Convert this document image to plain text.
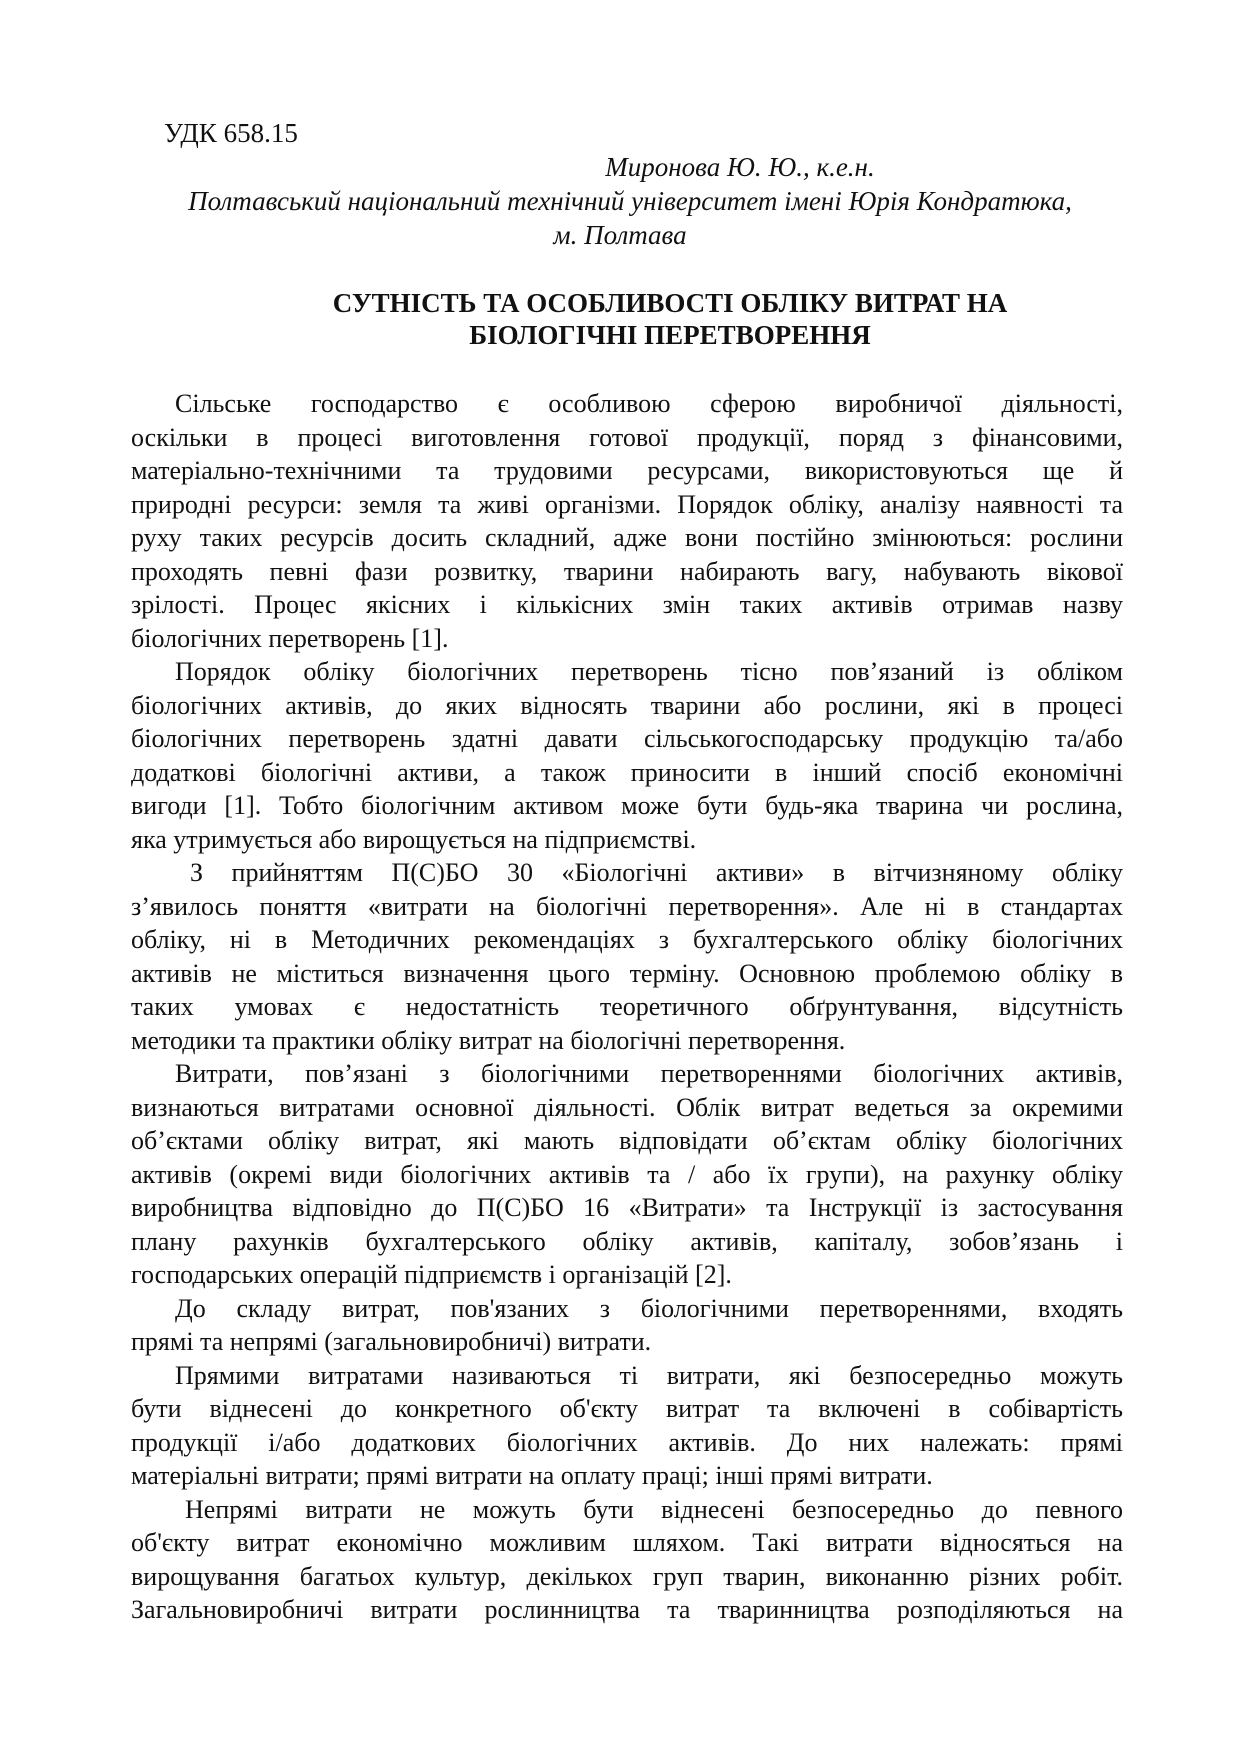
УДК 658.15
Миронова Ю. Ю., к.е.н.
Полтавський національний технічний університет імені Юрія Кондратюка,
м. Полтава
СУТНІСТЬ ТА ОСОБЛИВОСТІ ОБЛІКУ ВИТРАТ НА
БІОЛОГІЧНІ ПЕРЕТВОРЕННЯ
Сільське господарство є особливою сферою виробничої діяльності,
оскільки в процесі виготовлення готової продукції, поряд з фінансовими,
матеріально-технічними та трудовими ресурсами, використовуються ще й
природні ресурси: земля та живі організми. Порядок обліку, аналізу наявності та
руху таких ресурсів досить складний, адже вони постійно змінюються: рослини
проходять певні фази розвитку, тварини набирають вагу, набувають вікової
зрілості. Процес якісних і кількісних змін таких активів отримав назву
біологічних перетворень [1].
Порядок обліку біологічних перетворень тісно пов’язаний із обліком
біологічних активів, до яких відносять тварини або рослини, які в процесі
біологічних перетворень здатні давати сільськогосподарську продукцію та/або
додаткові біологічні активи, а також приносити в інший спосіб економічні
вигоди [1]. Тобто біологічним активом може бути будь-яка тварина чи рослина,
яка утримується або вирощується на підприємстві.
З прийняттям П(С)БО 30 «Біологічні активи» в вітчизняному обліку
з’явилось поняття «витрати на біологічні перетворення». Але ні в стандартах
обліку, ні в Методичних рекомендаціях з бухгалтерського обліку біологічних
активів не міститься визначення цього терміну. Основною проблемою обліку в
таких умовах є недостатність теоретичного обґрунтування, відсутність
методики та практики обліку витрат на біологічні перетворення.
Витрати, пов’язані з біологічними перетвореннями біологічних активів,
визнаються витратами основної діяльності. Облік витрат ведеться за окремими
об’єктами обліку витрат, які мають відповідати об’єктам обліку біологічних
активів (окремі види біологічних активів та / або їх групи), на рахунку обліку
виробництва відповідно до П(С)БО 16 «Витрати» та Інструкції із застосування
плану рахунків бухгалтерського обліку активів, капіталу, зобов’язань і
господарських операцій підприємств і організацій [2].
До складу витрат, пов'язаних з біологічними перетвореннями, входять
прямі та непрямі (загальновиробничі) витрати.
Прямими витратами називаються ті витрати, які безпосередньо можуть
бути віднесені до конкретного об'єкту витрат та включені в собівартість
продукції і/або додаткових біологічних активів. До них належать: прямі
матеріальні витрати; прямі витрати на оплату праці; інші прямі витрати.
Непрямі витрати не можуть бути віднесені безпосередньо до певного
об'єкту витрат економічно можливим шляхом. Такі витрати відносяться на
вирощування багатьох культур, декількох груп тварин, виконанню різних робіт.
Загальновиробничі витрати рослинництва та тваринництва розподіляються на
